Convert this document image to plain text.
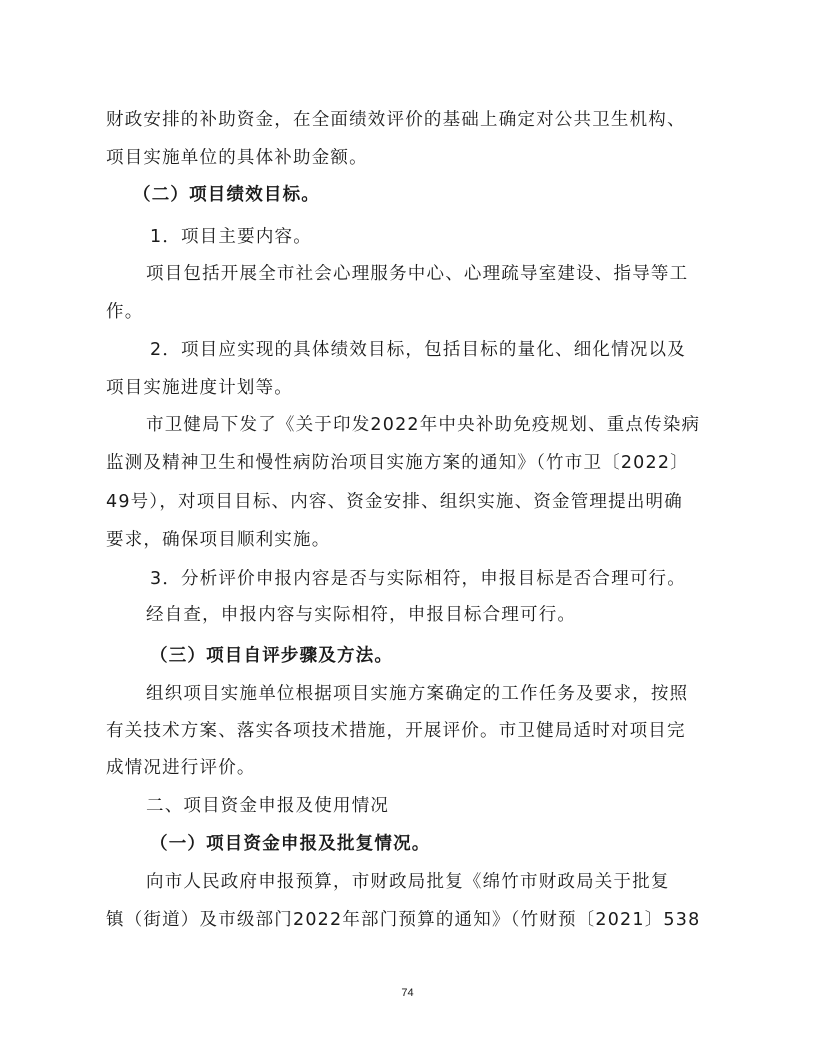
财政安排的补助资金，在全面绩效评价的基础上确定对公共卫生机构、
项目实施单位的具体补助金额。
（二）项目绩效目标。
1．项目主要内容。
项目包括开展全市社会心理服务中心、心理疏导室建设、指导等工
作。
2．项目应实现的具体绩效目标，包括目标的量化、细化情况以及
项目实施进度计划等。
市卫健局下发了《关于印发2022年中央补助免疫规划、重点传染病
监测及精神卫生和慢性病防治项目实施方案的通知》（竹市卫〔2022〕
49号），对项目目标、内容、资金安排、组织实施、资金管理提出明确
要求，确保项目顺利实施。
3．分析评价申报内容是否与实际相符，申报目标是否合理可行。
经自查，申报内容与实际相符，申报目标合理可行。
（三）项目自评步骤及方法。
组织项目实施单位根据项目实施方案确定的工作任务及要求，按照
有关技术方案、落实各项技术措施，开展评价。市卫健局适时对项目完
成情况进行评价。
二、项目资金申报及使用情况
（一）项目资金申报及批复情况。
向市人民政府申报预算，市财政局批复《绵竹市财政局关于批复
镇（街道）及市级部门2022年部门预算的通知》（竹财预〔2021〕538
74
